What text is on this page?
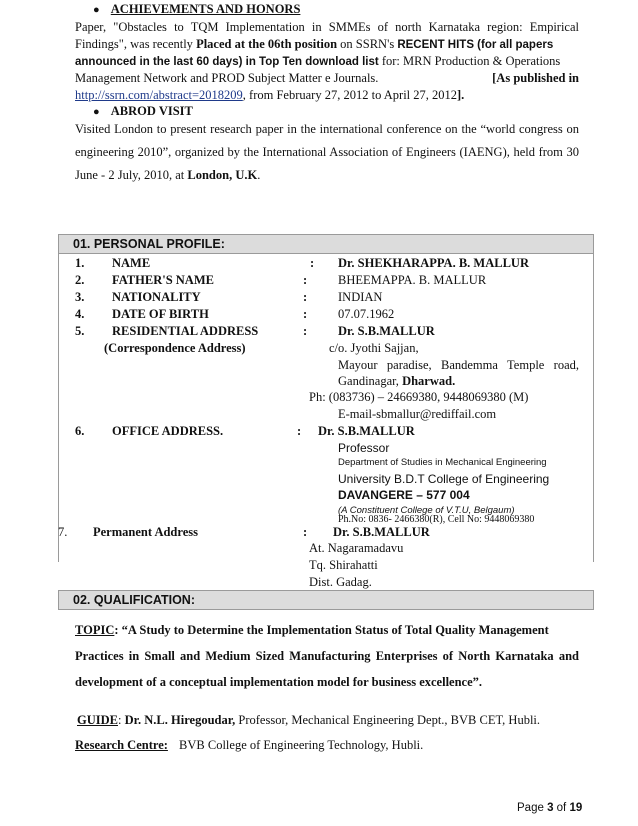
● ACHIEVEMENTS AND HONORS
Paper, "Obstacles to TQM Implementation in SMMEs of north Karnataka region: Empirical
Findings", was recently Placed at the 06th position on SSRN's RECENT HITS (for all papers
announced in the last 60 days) in Top Ten download list for: MRN Production & Operations
Management Network and PROD Subject Matter e Journals.	[As published in
http://ssrn.com/abstract=2018209, from February 27, 2012 to April 27, 2012].
● ABROD VISIT
Visited London to present research paper in the international conference on the “world congress on
engineering 2010”, organized by the International Association of Engineers (IAENG), held from 30
June - 2 July, 2010, at London, U.K.
01. PERSONAL PROFILE:
1. NAME	: Dr. SHEKHARAPPA. B. MALLUR
2. FATHER'S NAME	: BHEEMAPPA. B. MALLUR
3. NATIONALITY	: INDIAN
4. DATE OF BIRTH	: 07.07.1962
5. RESIDENTIAL ADDRESS	: Dr. S.B.MALLUR
(Correspondence Address)	c/o. Jyothi Sajjan,
Mayour paradise, Bandemma Temple road,
Gandinagar, Dharwad.
Ph: (083736) – 24669380, 9448069380 (M)
E-mail-sbmallur@rediffail.com
6. OFFICE ADDRESS.	: Dr. S.B.MALLUR
Professor
Department of Studies in Mechanical Engineering
University B.D.T College of Engineering
DAVANGERE – 577 004
(A Constituent College of V.T.U, Belgaum)
Ph.No: 0836- 2466380(R), Cell No: 9448069380
7. Permanent Address	: Dr. S.B.MALLUR
At. Nagaramadavu
Tq. Shirahatti
Dist. Gadag.
02. QUALIFICATION:
TOPIC: “A Study to Determine the Implementation Status of Total Quality Management
Practices in Small and Medium Sized Manufacturing Enterprises of North Karnataka and
development of a conceptual implementation model for business excellence”.
GUIDE: Dr. N.L. Hiregoudar, Professor, Mechanical Engineering Dept., BVB CET, Hubli.
Research Centre: BVB College of Engineering Technology, Hubli.
Page 3 of 19
